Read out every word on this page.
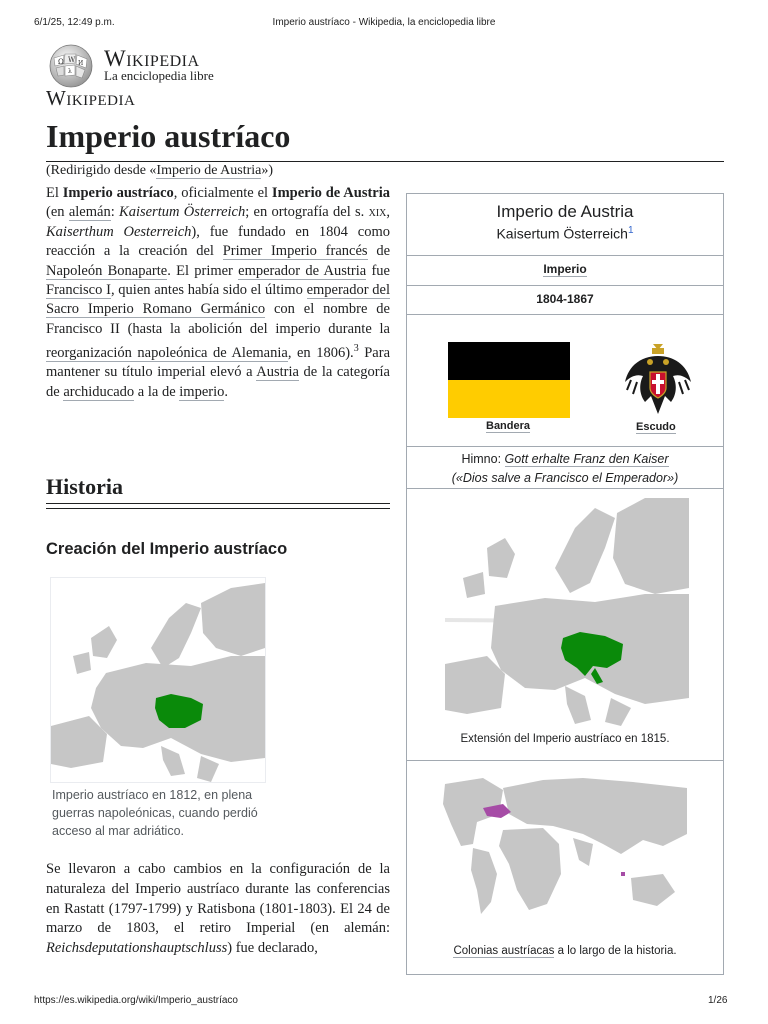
6/1/25, 12:49 p.m.	Imperio austríaco - Wikipedia, la enciclopedia libre
https://es.wikipedia.org/wiki/Imperio_austríaco	1/26
Ω W И
λ
Wikipedia
La enciclopedia libre
Wikipedia
Imperio austríaco
(Redirigido desde «Imperio de Austria»)

El Imperio austríaco, oficialmente el Imperio de Austria (en alemán: Kaisertum Österreich; en ortografía del s. xix, Kaiserthum Oesterreich), fue fundado en 1804 como reacción a la creación del Primer Imperio francés de Napoleón Bonaparte. El primer emperador de Austria fue Francisco I, quien antes había sido el último emperador del Sacro Imperio Romano Germánico con el nombre de Francisco II (hasta la abolición del imperio durante la reorganización napoleónica de Alemania, en 1806).$^3$ Para mantener su título imperial elevó a Austria de la categoría de archiducado a la de imperio.

Historia
Creación del Imperio austríaco
Imperio austríaco en 1812, en plena guerras napoleónicas, cuando perdió acceso al mar adriático.

Se llevaron a cabo cambios en la configuración de la naturaleza del Imperio austríaco durante las conferencias en Rastatt (1797-1799) y Ratisbona (1801-1803). El 24 de marzo de 1803, el retiro Imperial (en alemán: Reichsdeputationshauptschluss) fue declarado,

Imperio de Austria
Kaisertum Österreich$^1$
Imperio
1804-1867
Bandera	Escudo
Himno: Gott erhalte Franz den Kaiser
(«Dios salve a Francisco el Emperador»)
Extensión del Imperio austríaco en 1815.
Colonias austríacas a lo largo de la historia.
